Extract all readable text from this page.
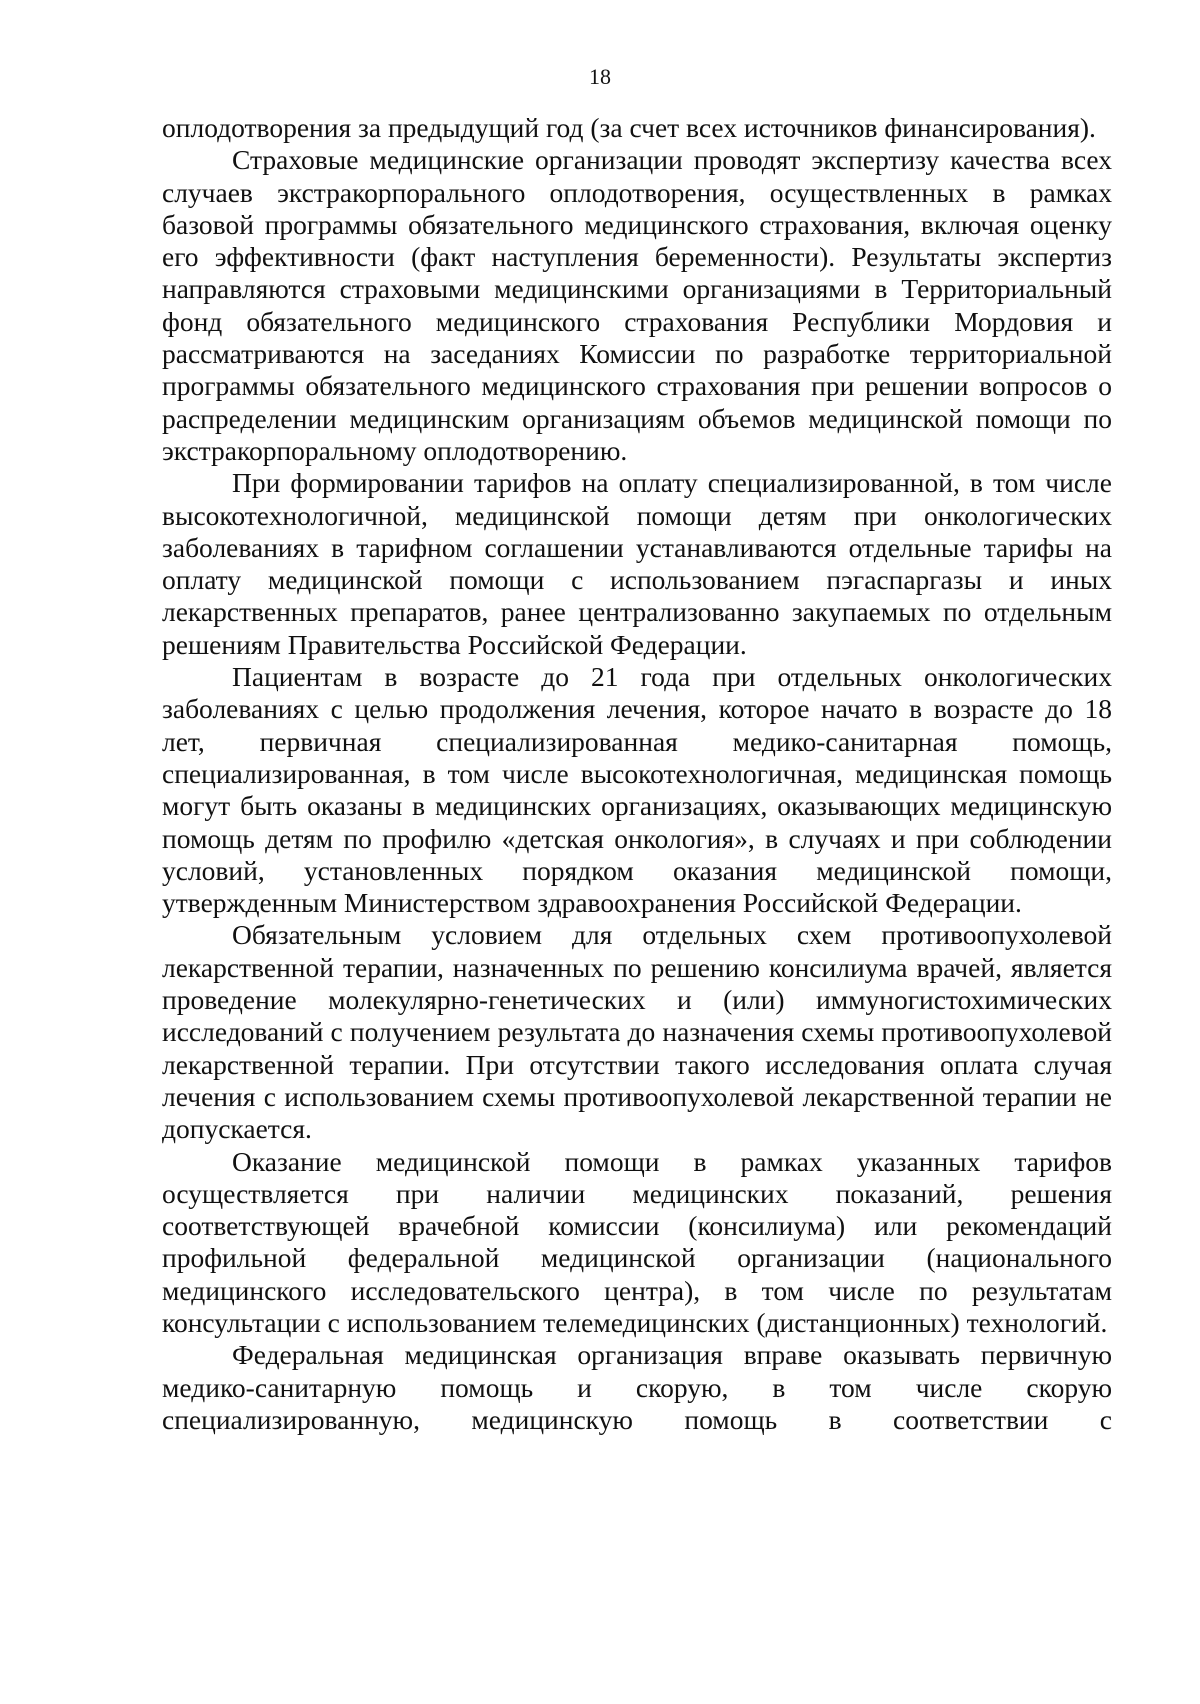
18

оплодотворения за предыдущий год (за счет всех источников финансирования).

Страховые медицинские организации проводят экспертизу качества всех случаев экстракорпорального оплодотворения, осуществленных в рамках базовой программы обязательного медицинского страхования, включая оценку его эффективности (факт наступления беременности). Результаты экспертиз направляются страховыми медицинскими организациями в Территориальный фонд обязательного медицинского страхования Республики Мордовия и рассматриваются на заседаниях Комиссии по разработке территориальной программы обязательного медицинского страхования при решении вопросов о распределении медицинским организациям объемов медицинской помощи по экстракорпоральному оплодотворению.

При формировании тарифов на оплату специализированной, в том числе высокотехнологичной, медицинской помощи детям при онкологических заболеваниях в тарифном соглашении устанавливаются отдельные тарифы на оплату медицинской помощи с использованием пэгаспаргазы и иных лекарственных препаратов, ранее централизованно закупаемых по отдельным решениям Правительства Российской Федерации.

Пациентам в возрасте до 21 года при отдельных онкологических заболеваниях с целью продолжения лечения, которое начато в возрасте до 18 лет, первичная специализированная медико-санитарная помощь, специализированная, в том числе высокотехнологичная, медицинская помощь могут быть оказаны в медицинских организациях, оказывающих медицинскую помощь детям по профилю «детская онкология», в случаях и при соблюдении условий, установленных порядком оказания медицинской помощи, утвержденным Министерством здравоохранения Российской Федерации.

Обязательным условием для отдельных схем противоопухолевой лекарственной терапии, назначенных по решению консилиума врачей, является проведение молекулярно-генетических и (или) иммуногистохимических исследований с получением результата до назначения схемы противоопухолевой лекарственной терапии. При отсутствии такого исследования оплата случая лечения с использованием схемы противоопухолевой лекарственной терапии не допускается.

Оказание медицинской помощи в рамках указанных тарифов осуществляется при наличии медицинских показаний, решения соответствующей врачебной комиссии (консилиума) или рекомендаций профильной федеральной медицинской организации (национального медицинского исследовательского центра), в том числе по результатам консультации с использованием телемедицинских (дистанционных) технологий.

Федеральная медицинская организация вправе оказывать первичную медико-санитарную помощь и скорую, в том числе скорую специализированную, медицинскую помощь в соответствии с
